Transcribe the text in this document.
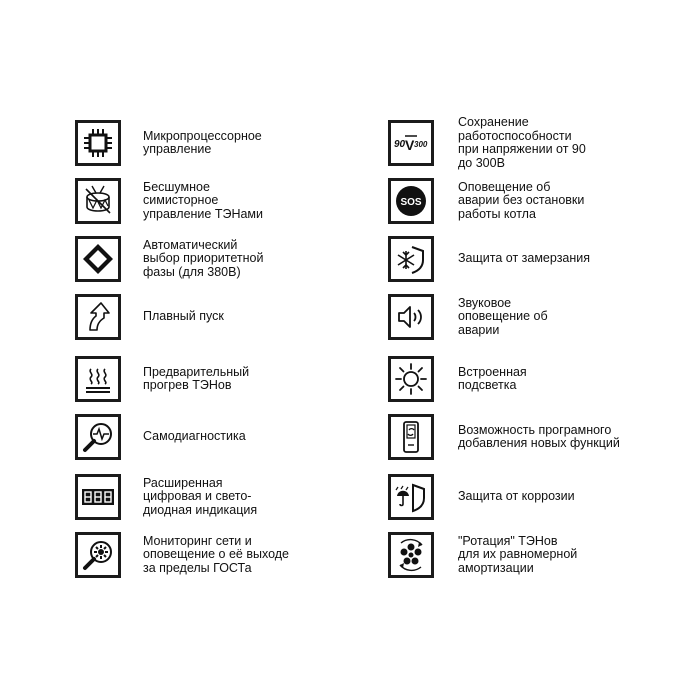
Микропроцессорное
управление
Бесшумное
симисторное
управление ТЭНами
Автоматический
выбор приоритетной
фазы (для 380В)
Плавный пуск
Предварительный
прогрев ТЭНов
Самодиагностика
Расширенная
цифровая и свето-
диодная индикация
Мониторинг сети и
оповещение о её выходе
за пределы ГОСТа
90 V 300
Сохранение
работоспособности
при напряжении от 90
до 300В
SOS
Оповещение об
аварии без остановки
работы котла
Защита от замерзания
Звуковое
оповещение об
аварии
Встроенная
подсветка
Возможность програмного
добавления новых функций
Защита от коррозии
"Ротация" ТЭНов
для их равномерной
амортизации
